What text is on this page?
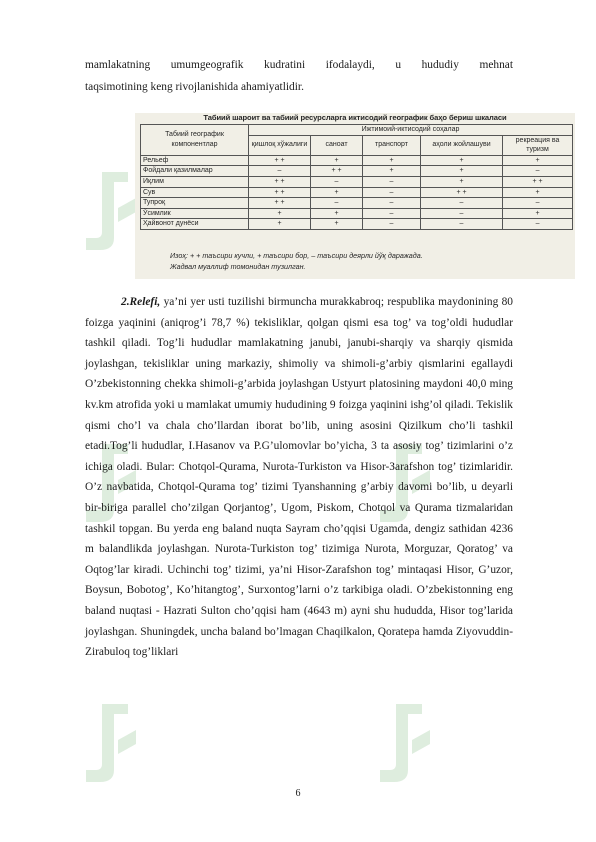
mamlakatning umumgeografik kudratini ifodalaydi, u hududiy mehnat

taqsimotining keng rivojlanishida ahamiyatlidir.

Табиий шароит ва табиий ресурсларга иктисодий географик баҳо бериш шкаласи
Табиий географик компонентлар	Ижтимоий-иктисодий соҳалар				
	қишлоқ хўжалиги	саноат	транспорт	аҳоли жойлашуви	рекреация ва туризм
Рельеф	+ +	+	+	+	+
Фойдали қазилмалар	–	+ +	+	+	–
Иқлим	+ +	–	–	+	+ +
Сув	+ +	+	–	+ +	+
Тупроқ	+ +	–	–	–	–
Ўсимлик	+	+	–	–	+
Ҳайвонот дунёси	+	+	–	–	–
Изоҳ: + + таъсири кучли, + таъсири бор, – таъсири деярли йўқ даражада.
Жадвал муаллиф томонидан тузилган.

2.Relefi, ya’ni yer usti tuzilishi birmuncha murakkabroq; respublika maydonining 80 foizga yaqinini (aniqrog’i 78,7 %) tekisliklar, qolgan qismi esa tog’ va tog’oldi hududlar tashkil qiladi. Tog’li hududlar mamlakatning janubi, janubi-sharqiy va sharqiy qismida joylashgan, tekisliklar uning markaziy, shimoliy va shimoli-g’arbiy qismlarini egallaydi O’zbekistonning chekka shimoli-g’arbida joylashgan Ustyurt platosining maydoni 40,0 ming kv.km atrofida yoki u mamlakat umumiy hududining 9 foizga yaqinini ishg’ol qiladi. Tekislik qismi cho’l va chala cho’llardan iborat bo’lib, uning asosini Qizilkum cho’li tashkil etadi.Tog’li hududlar, I.Hasanov va P.G’ulomovlar bo’yicha, 3 ta asosiy tog’ tizimlarini o’z ichiga oladi. Bular: Chotqol-Qurama, Nurota-Turkiston va Hisor-Зarafshon tog’ tizimlaridir. O’z navbatida, Chotqol-Qurama tog’ tizimi Tyanshanning g’arbiy davomi bo’lib, u deyarli bir-biriga parallel cho’zilgan Qorjantog’, Ugom, Piskom, Chotqol va Qurama tizmalaridan tashkil topgan. Bu yerda eng baland nuqta Sayram cho’qqisi Ugamda, dengiz sathidan 4236 m balandlikda joylashgan. Nurota-Turkiston tog’ tizimiga Nurota, Morguzar, Qoratog’ va Oqtog’lar kiradi. Uchinchi tog’ tizimi, ya’ni Hisor-Zarafshon tog’ mintaqasi Hisor, G’uzor, Boysun, Bobotog’, Ko’hitangtog’, Surxontog’larni o’z tarkibiga oladi. O’zbekistonning eng baland nuqtasi - Hazrati Sulton cho’qqisi ham (4643 m) ayni shu hududda, Hisor tog’larida joylashgan. Shuningdek, uncha baland bo’lmagan Chaqilkalon, Qoratepa hamda Ziyovuddin-Zirabuloq tog’liklari

6
